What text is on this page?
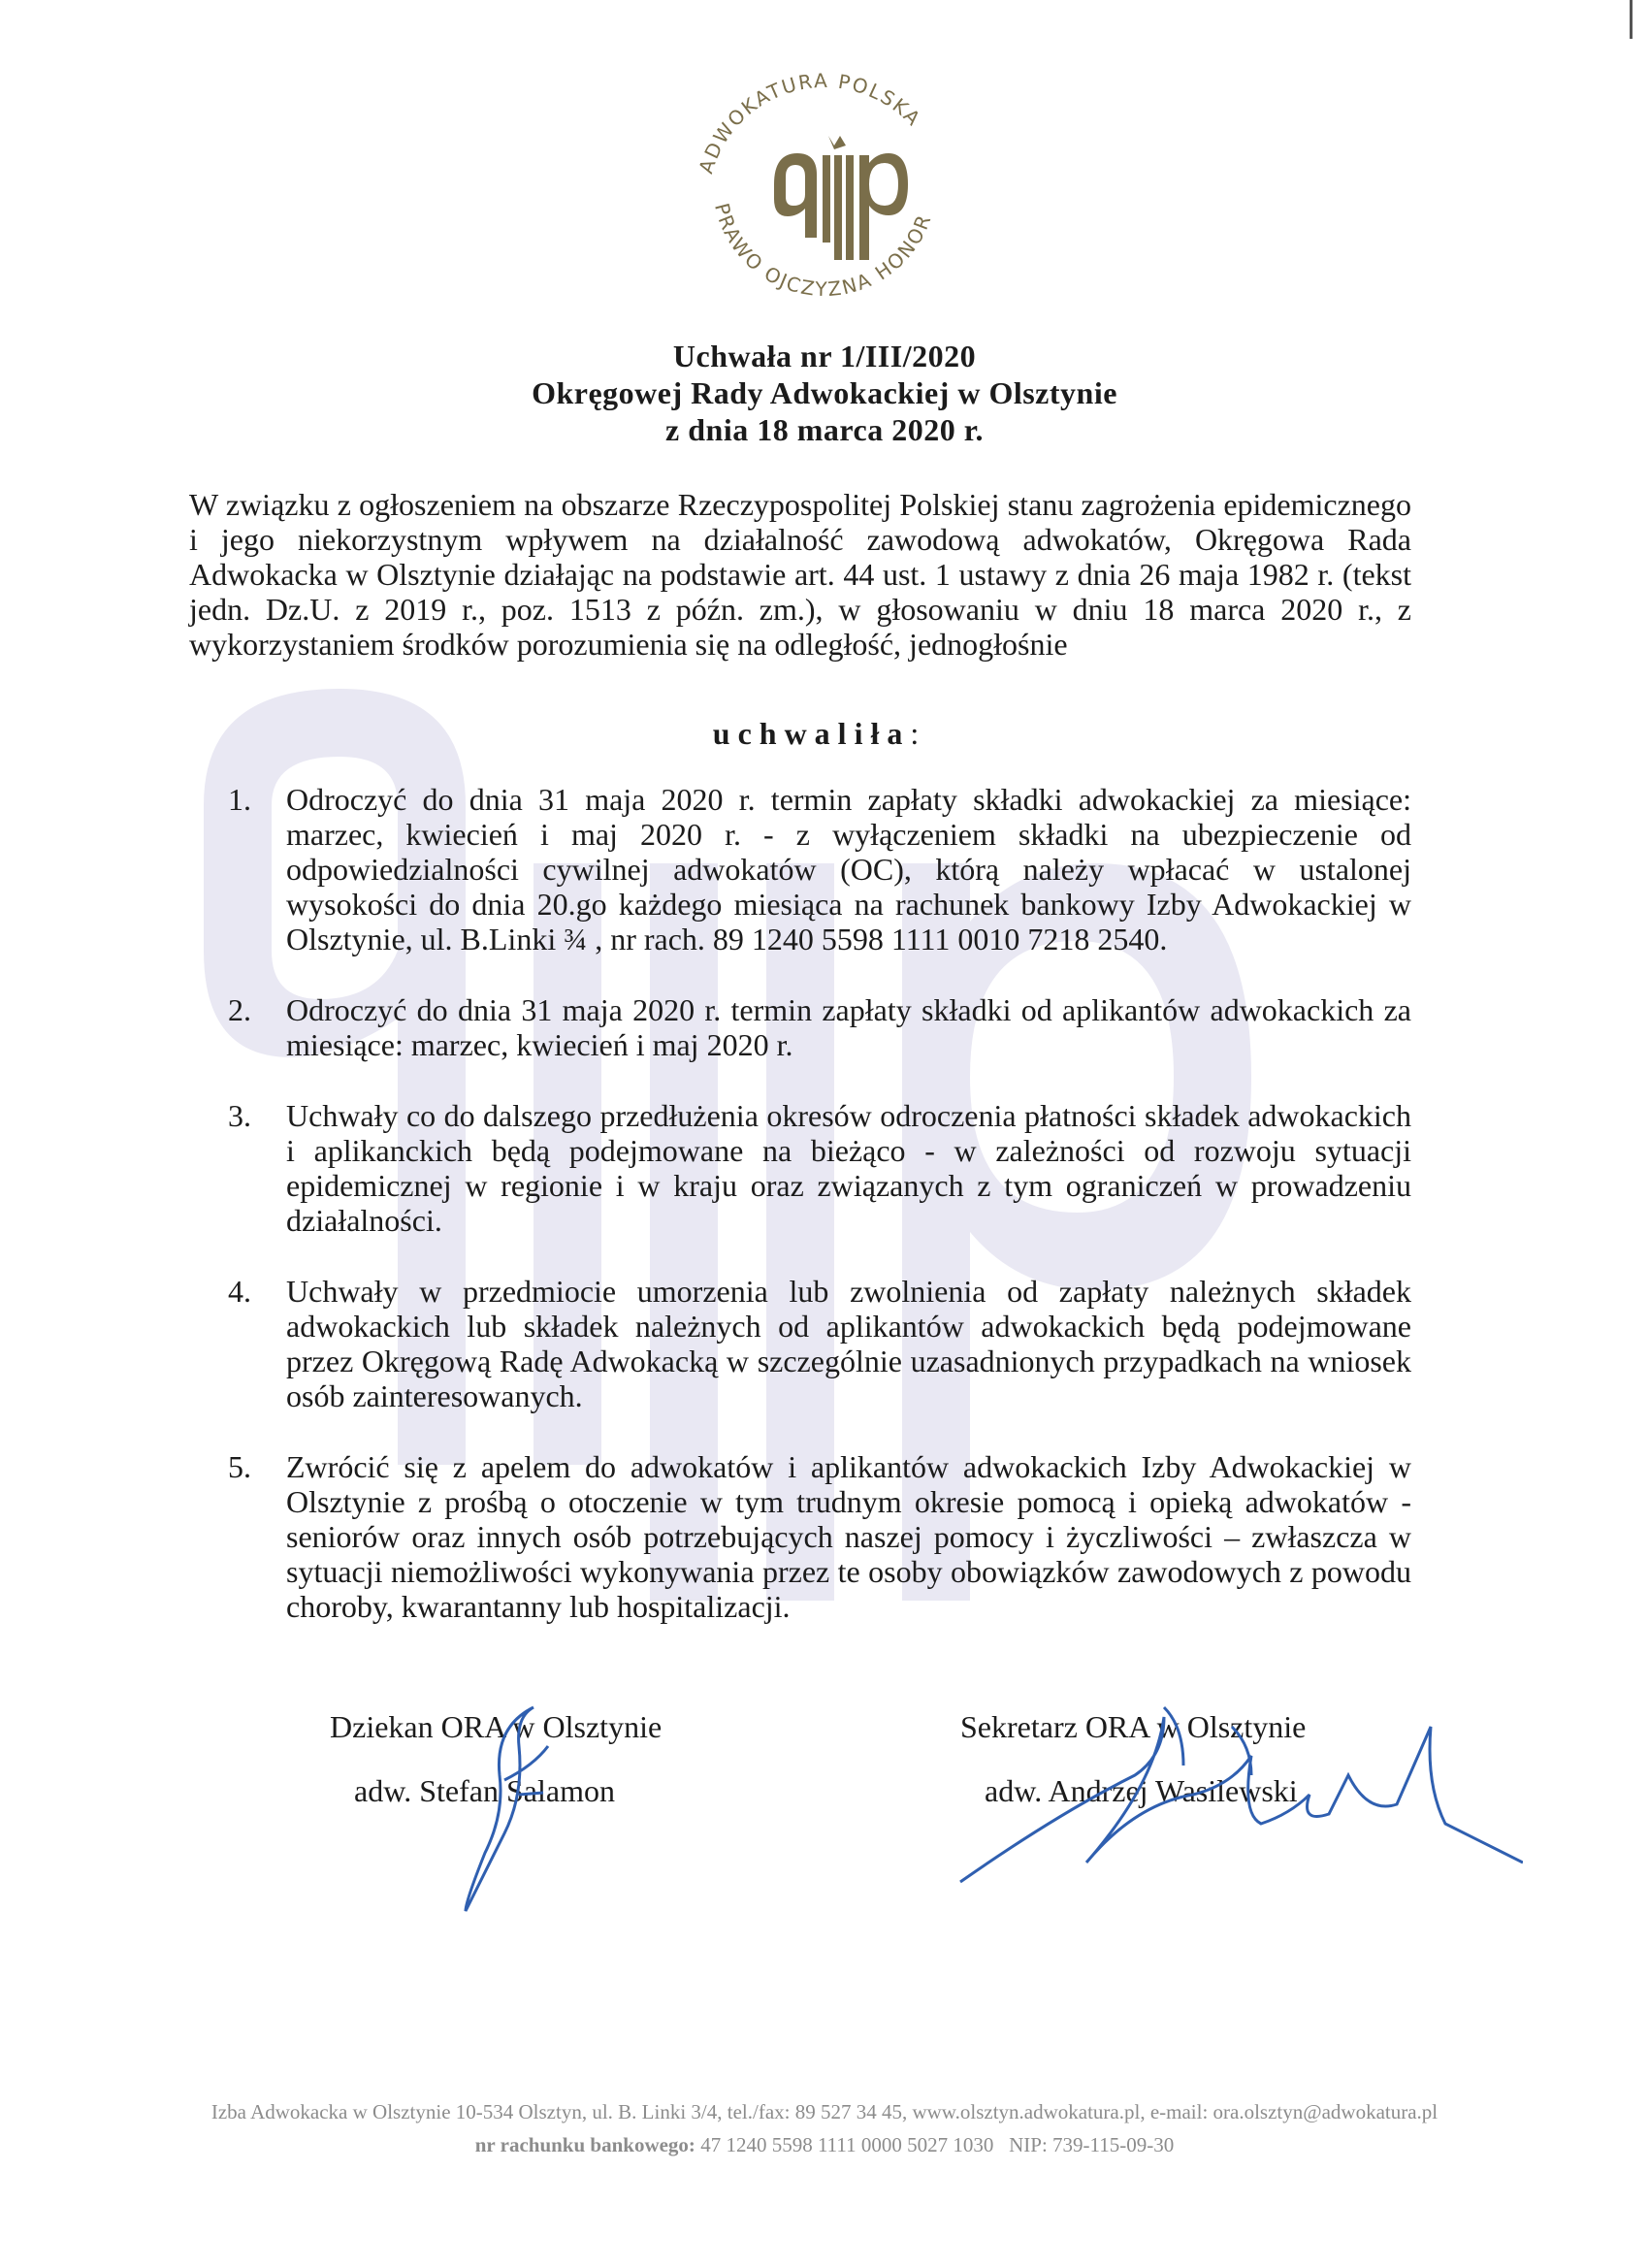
ADWOKATURA POLSKA
PRAWO OJCZYZNA HONOR
Uchwała nr 1/III/2020
Okręgowej Rady Adwokackiej w Olsztynie
z dnia 18 marca 2020 r.
W związku z ogłoszeniem na obszarze Rzeczypospolitej Polskiej stanu zagrożenia epidemicznego i jego niekorzystnym wpływem na działalność zawodową adwokatów, Okręgowa Rada Adwokacka w Olsztynie działając na podstawie art. 44 ust. 1 ustawy z dnia 26 maja 1982 r. (tekst jedn. Dz.U. z 2019 r., poz. 1513 z późn. zm.), w głosowaniu w dniu 18 marca 2020 r., z wykorzystaniem środków porozumienia się na odległość, jednogłośnie
uchwaliła:
1. Odroczyć do dnia 31 maja 2020 r. termin zapłaty składki adwokackiej za miesiące: marzec, kwiecień i maj 2020 r. - z wyłączeniem składki na ubezpieczenie od odpowiedzialności cywilnej adwokatów (OC), którą należy wpłacać w ustalonej wysokości do dnia 20.go każdego miesiąca na rachunek bankowy Izby Adwokackiej w Olsztynie, ul. B.Linki ¾ , nr rach. 89 1240 5598 1111 0010 7218 2540.
2. Odroczyć do dnia 31 maja 2020 r. termin zapłaty składki od aplikantów adwokackich za miesiące: marzec, kwiecień i maj 2020 r.
3. Uchwały co do dalszego przedłużenia okresów odroczenia płatności składek adwokackich i aplikanckich będą podejmowane na bieżąco - w zależności od rozwoju sytuacji epidemicznej w regionie i w kraju oraz związanych z tym ograniczeń w prowadzeniu działalności.
4. Uchwały w przedmiocie umorzenia lub zwolnienia od zapłaty należnych składek adwokackich lub składek należnych od aplikantów adwokackich będą podejmowane przez Okręgową Radę Adwokacką w szczególnie uzasadnionych przypadkach na wniosek osób zainteresowanych.
5. Zwrócić się z apelem do adwokatów i aplikantów adwokackich Izby Adwokackiej w Olsztynie z prośbą o otoczenie w tym trudnym okresie pomocą i opieką adwokatów - seniorów oraz innych osób potrzebujących naszej pomocy i życzliwości – zwłaszcza w sytuacji niemożliwości wykonywania przez te osoby obowiązków zawodowych z powodu choroby, kwarantanny lub hospitalizacji.
Dziekan ORA w Olsztynie
adw. Stefan Salamon
Sekretarz ORA w Olsztynie
adw. Andrzej Wasilewski
Izba Adwokacka w Olsztynie 10-534 Olsztyn, ul. B. Linki 3/4, tel./fax: 89 527 34 45, www.olsztyn.adwokatura.pl, e-mail: ora.olsztyn@adwokatura.pl
nr rachunku bankowego: 47 1240 5598 1111 0000 5027 1030 NIP: 739-115-09-30
